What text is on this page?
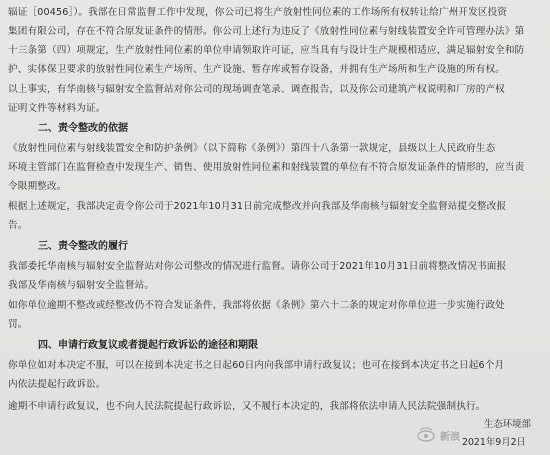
辐证［00456］）。我部在日常监督工作中发现，你公司已将生产放射性同位素的工作场所有权转让给广州开发区投资
集团有限公司，存在不符合原发证条件的情形。你公司上述行为违反了《放射性同位素与射线装置安全许可管理办法》第
十三条第（四）项规定，生产放射性同位素的单位申请领取许可证，应当具有与设计生产规模相适应，满足辐射安全和防
护、实体保卫要求的放射性同位素生产场所、生产设施、暂存库或暂存设备，并拥有生产场所和生产设施的所有权。
以上事实，有华南核与辐射安全监督站对你公司的现场调查笔录、调查报告，以及你公司建筑产权说明和厂房的产权
证明文件等材料为证。
二、责令整改的依据
《放射性同位素与射线装置安全和防护条例》（以下简称《条例》）第四十八条第一款规定，县级以上人民政府生态
环境主管部门在监督检查中发现生产、销售、使用放射性同位素和射线装置的单位有不符合原发证条件的情形的，应当责
令限期整改。
根据上述规定，我部决定责令你公司于2021年10月31日前完成整改并向我部及华南核与辐射安全监督站提交整改报
告。
三、责令整改的履行
我部委托华南核与辐射安全监督站对你公司整改的情况进行监督。请你公司于2021年10月31日前将整改情况书面报
我部及华南核与辐射安全监督站。
如你单位逾期不整改或经整改仍不符合发证条件，我部将依据《条例》第六十二条的规定对你单位进一步实施行政处
罚。
四、申请行政复议或者提起行政诉讼的途径和期限
你单位如对本决定不服，可以在接到本决定书之日起60日内向我部申请行政复议；也可在接到本决定书之日起6个月
内依法提起行政诉讼。
逾期不申请行政复议，也不向人民法院提起行政诉讼，又不履行本决定的，我部将依法申请人民法院强制执行。
生态环境部
2021年9月2日
新浪
